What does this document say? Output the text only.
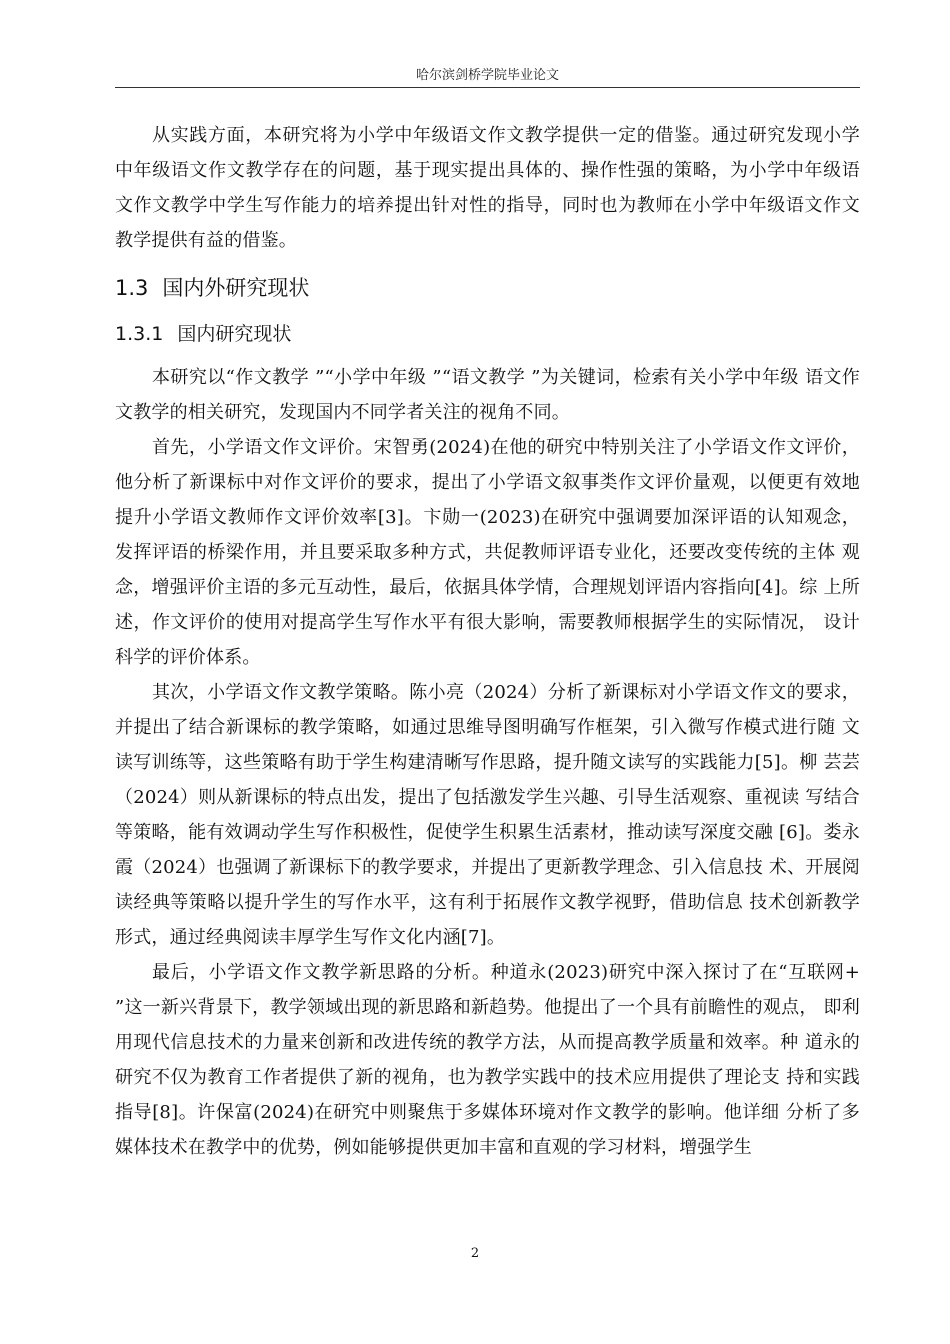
哈尔滨剑桥学院毕业论文

从实践方面，本研究将为小学中年级语文作文教学提供一定的借鉴。通过研究发现小学中年级语文作文教学存在的问题，基于现实提出具体的、操作性强的策略，为小学中年级语文作文教学中学生写作能力的培养提出针对性的指导，同时也为教师在小学中年级语文作文教学提供有益的借鉴。

1.3 国内外研究现状
1.3.1 国内研究现状

本研究以“作文教学 ”“小学中年级 ”“语文教学 ”为关键词，检索有关小学中年级 语文作文教学的相关研究，发现国内不同学者关注的视角不同。

首先，小学语文作文评价。宋智勇(2024)在他的研究中特别关注了小学语文作文评价，他分析了新课标中对作文评价的要求，提出了小学语文叙事类作文评价量观，以便更有效地提升小学语文教师作文评价效率[3]。卞勋一(2023)在研究中强调要加深评语的认知观念， 发挥评语的桥梁作用，并且要采取多种方式，共促教师评语专业化，还要改变传统的主体 观念，增强评价主语的多元互动性，最后，依据具体学情，合理规划评语内容指向[4]。综 上所述，作文评价的使用对提高学生写作水平有很大影响，需要教师根据学生的实际情况， 设计科学的评价体系。

其次，小学语文作文教学策略。陈小亮（2024）分析了新课标对小学语文作文的要求， 并提出了结合新课标的教学策略，如通过思维导图明确写作框架，引入微写作模式进行随 文读写训练等，这些策略有助于学生构建清晰写作思路，提升随文读写的实践能力[5]。柳 芸芸（2024）则从新课标的特点出发，提出了包括激发学生兴趣、引导生活观察、重视读 写结合等策略，能有效调动学生写作积极性，促使学生积累生活素材，推动读写深度交融 [6]。娄永霞（2024）也强调了新课标下的教学要求，并提出了更新教学理念、引入信息技 术、开展阅读经典等策略以提升学生的写作水平，这有利于拓展作文教学视野，借助信息 技术创新教学形式，通过经典阅读丰厚学生写作文化内涵[7]。

最后，小学语文作文教学新思路的分析。种道永(2023)研究中深入探讨了在“互联网+ ”这一新兴背景下，教学领域出现的新思路和新趋势。他提出了一个具有前瞻性的观点， 即利用现代信息技术的力量来创新和改进传统的教学方法，从而提高教学质量和效率。种 道永的研究不仅为教育工作者提供了新的视角，也为教学实践中的技术应用提供了理论支 持和实践指导[8]。许保富(2024)在研究中则聚焦于多媒体环境对作文教学的影响。他详细 分析了多媒体技术在教学中的优势，例如能够提供更加丰富和直观的学习材料，增强学生

2
